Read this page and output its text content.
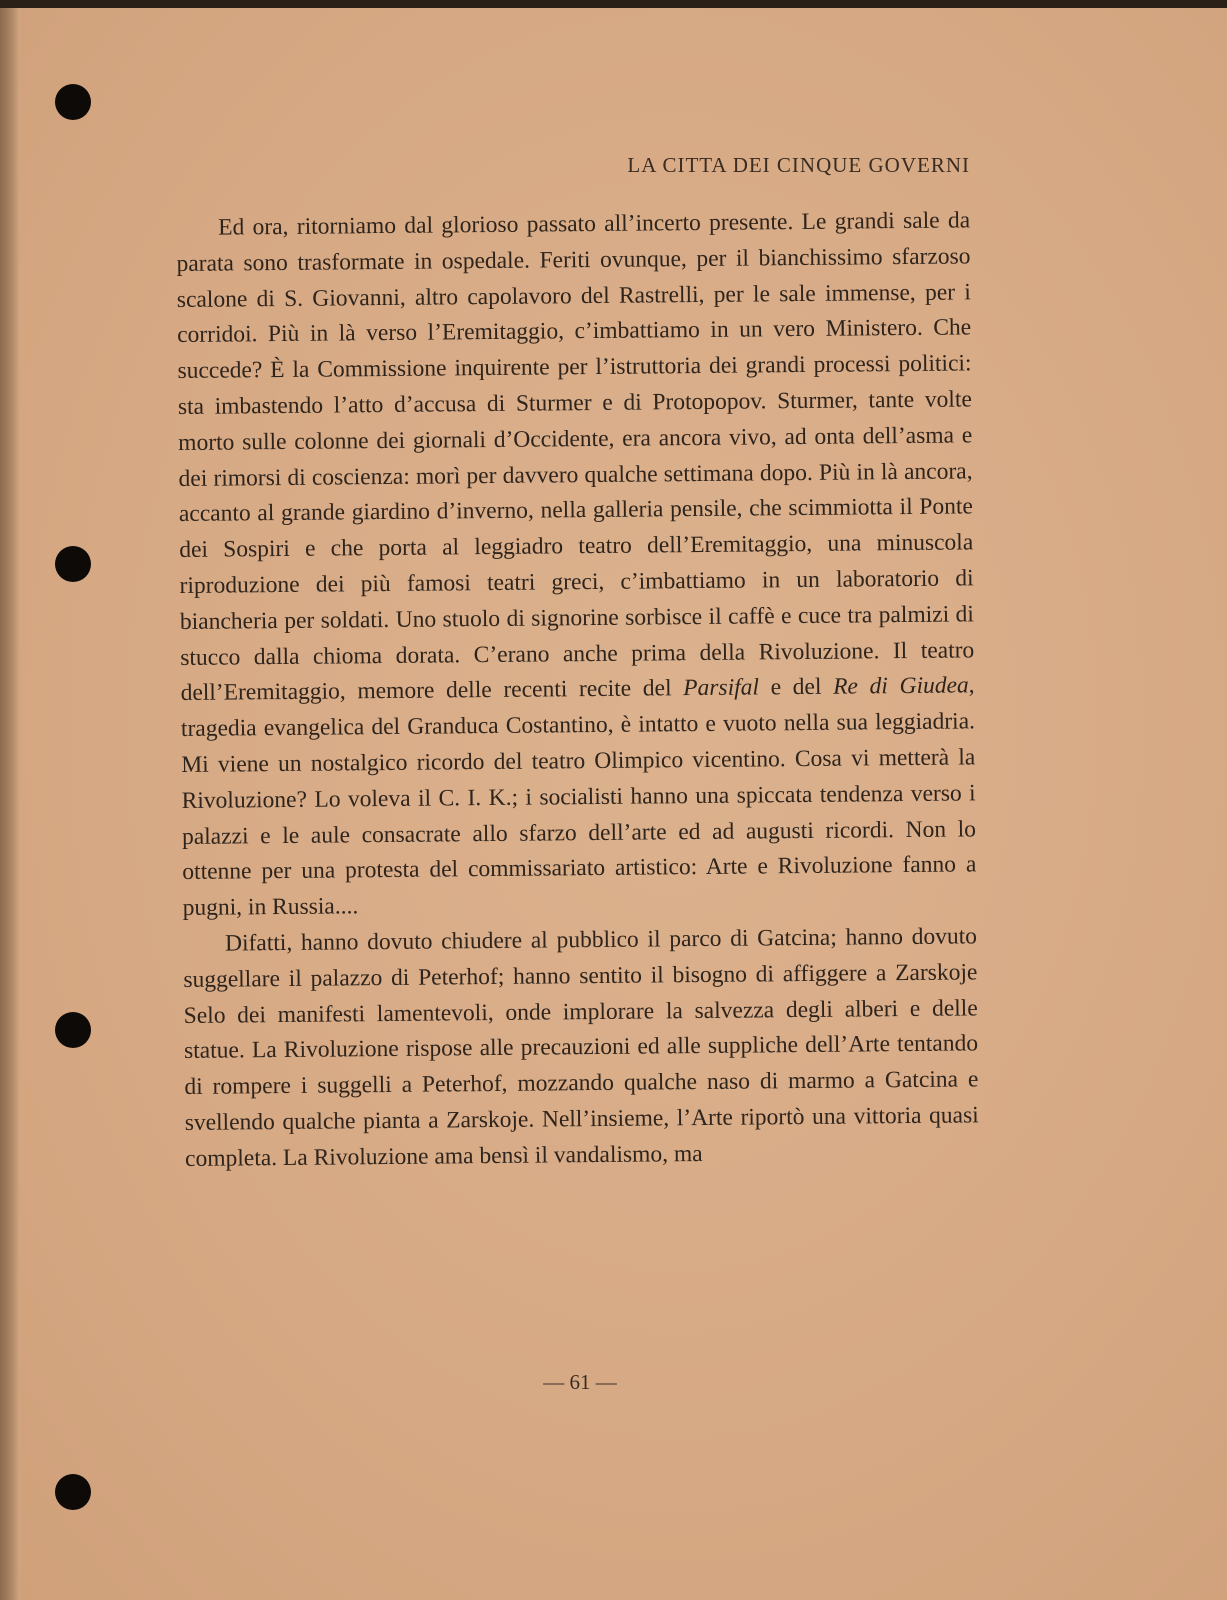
LA CITTA DEI CINQUE GOVERNI

Ed ora, ritorniamo dal glorioso passato all’incerto presente. Le grandi sale da parata sono trasformate in ospedale. Feriti ovunque, per il bianchissimo sfarzoso scalone di S. Giovanni, altro capolavoro del Rastrelli, per le sale immense, per i corridoi. Più in là verso l’Eremitaggio, c’imbattiamo in un vero Ministero. Che succede? È la Commissione inquirente per l’istruttoria dei grandi processi politici: sta imbastendo l’atto d’accusa di Sturmer e di Protopopov. Sturmer, tante volte morto sulle colonne dei giornali d’Occidente, era ancora vivo, ad onta dell’asma e dei rimorsi di coscienza: morì per davvero qualche settimana dopo. Più in là ancora, accanto al grande giardino d’inverno, nella galleria pensile, che scimmiotta il Ponte dei Sospiri e che porta al leggiadro teatro dell’Eremitaggio, una minuscola riproduzione dei più famosi teatri greci, c’imbattiamo in un laboratorio di biancheria per soldati. Uno stuolo di signorine sorbisce il caffè e cuce tra palmizi di stucco dalla chioma dorata. C’erano anche prima della Rivoluzione. Il teatro dell’Eremitaggio, memore delle recenti recite del Parsifal e del Re di Giudea, tragedia evangelica del Granduca Costantino, è intatto e vuoto nella sua leggiadria. Mi viene un nostalgico ricordo del teatro Olimpico vicentino. Cosa vi metterà la Rivoluzione? Lo voleva il C. I. K.; i socialisti hanno una spiccata tendenza verso i palazzi e le aule consacrate allo sfarzo dell’arte ed ad augusti ricordi. Non lo ottenne per una protesta del commissariato artistico: Arte e Rivoluzione fanno a pugni, in Russia....

Difatti, hanno dovuto chiudere al pubblico il parco di Gatcina; hanno dovuto suggellare il palazzo di Peterhof; hanno sentito il bisogno di affiggere a Zarskoje Selo dei manifesti lamentevoli, onde implorare la salvezza degli alberi e delle statue. La Rivoluzione rispose alle precauzioni ed alle suppliche dell’Arte tentando di rompere i suggelli a Peterhof, mozzando qualche naso di marmo a Gatcina e svellendo qualche pianta a Zarskoje. Nell’insieme, l’Arte riportò una vittoria quasi completa. La Rivoluzione ama bensì il vandalismo, ma

— 61 —
